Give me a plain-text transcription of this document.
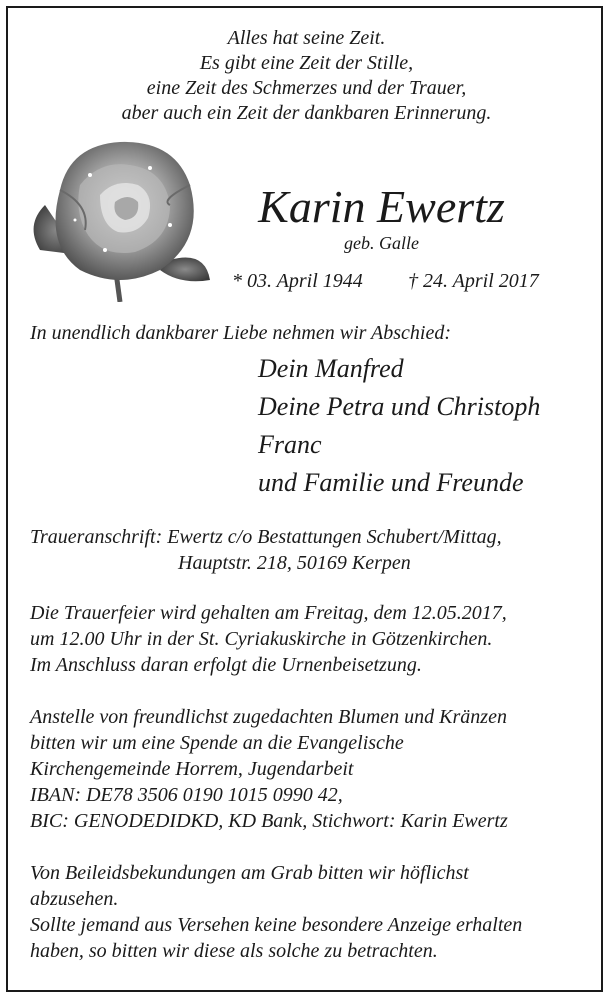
Alles hat seine Zeit.
Es gibt eine Zeit der Stille,
eine Zeit des Schmerzes und der Trauer,
aber auch ein Zeit der dankbaren Erinnerung.
Karin Ewertz
geb. Galle
* 03. April 1944 † 24. April 2017
In unendlich dankbarer Liebe nehmen wir Abschied:
Dein Manfred
Deine Petra und Christoph
Franc
und Familie und Freunde
Traueranschrift: Ewertz c/o Bestattungen Schubert/Mittag,
Hauptstr. 218, 50169 Kerpen
Die Trauerfeier wird gehalten am Freitag, dem 12.05.2017,
um 12.00 Uhr in der St. Cyriakuskirche in Götzenkirchen.
Im Anschluss daran erfolgt die Urnenbeisetzung.
Anstelle von freundlichst zugedachten Blumen und Kränzen
bitten wir um eine Spende an die Evangelische
Kirchengemeinde Horrem, Jugendarbeit
IBAN: DE78 3506 0190 1015 0990 42,
BIC: GENODEDIDKD, KD Bank, Stichwort: Karin Ewertz
Von Beileidsbekundungen am Grab bitten wir höflichst
abzusehen.
Sollte jemand aus Versehen keine besondere Anzeige erhalten
haben, so bitten wir diese als solche zu betrachten.
